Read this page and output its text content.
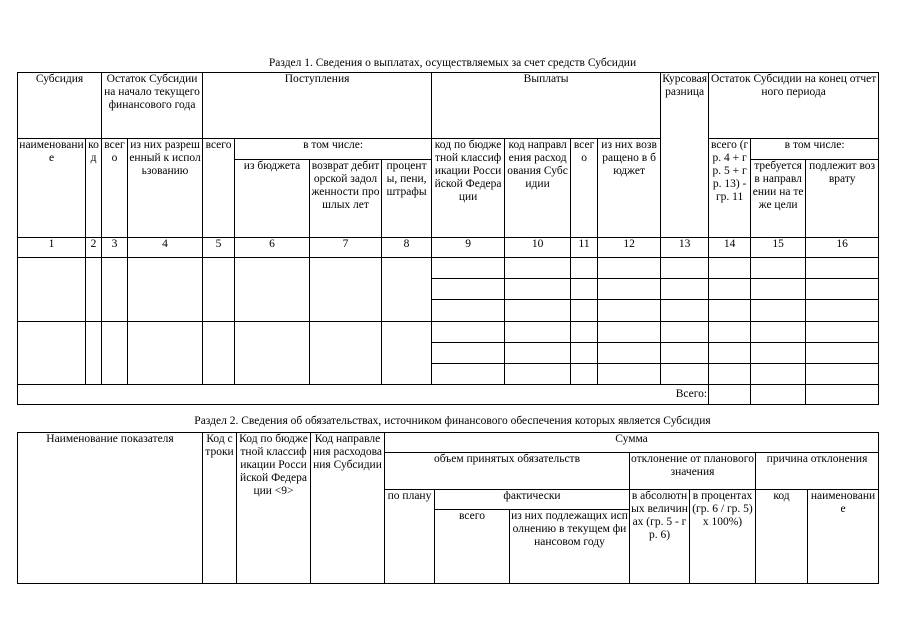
Раздел 1. Сведения о выплатах, осуществляемых за счет средств Субсидии
Субсидия		Остаток Субсидии на начало текущего финансового года		Поступления				Выплаты				Курсовая разница	Остаток Субсидии на конец отчетного периода		
наименование	код	всего	из них разрешенный к использованию	всего	в том числе:			код по бюджетной классификации Российской Федерации	код направления расходования Субсидии	всего	из них возвращено в бюджет		всего (гр. 4 + гр. 5 + гр. 13) - гр. 11	в том числе:	
					из бюджета	возврат дебиторской задолженности прошлых лет	проценты, пени, штрафы							требуется в направлении на те же цели	подлежит возврату
1	2	3	4	5	6	7	8	9	10	11	12	13	14	15	16

Всего:															
Раздел 2. Сведения об обязательствах, источником финансового обеспечения которых является Субсидия
Наименование показателя	Код строки	Код по бюджетной классификации Российской Федерации <9>	Код направления расходования Субсидии	Сумма						
				объем принятых обязательств			отклонение от планового значения		причина отклонения	
				по плану	фактически		в абсолютных величинах (гр. 5 - гр. 6)	в процентах (гр. 6 / гр. 5) x 100%)	код	наименование
					всего	из них подлежащих исполнению в текущем финансовом году				
